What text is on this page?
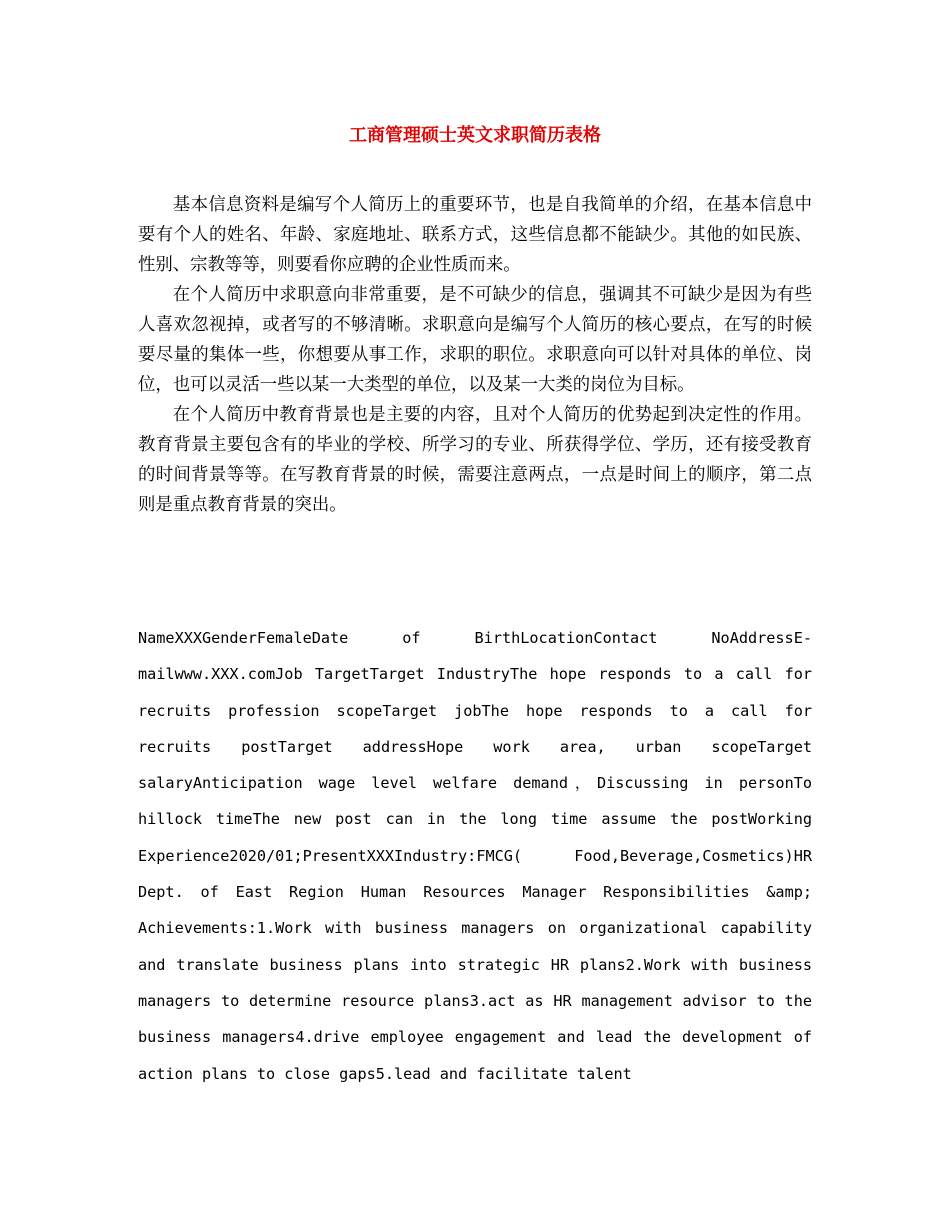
工商管理硕士英文求职简历表格

基本信息资料是编写个人简历上的重要环节，也是自我简单的介绍，在基本信息中要有个人的姓名、年龄、家庭地址、联系方式，这些信息都不能缺少。其他的如民族、性别、宗教等等，则要看你应聘的企业性质而来。

在个人简历中求职意向非常重要，是不可缺少的信息，强调其不可缺少是因为有些人喜欢忽视掉，或者写的不够清晰。求职意向是编写个人简历的核心要点，在写的时候要尽量的集体一些，你想要从事工作，求职的职位。求职意向可以针对具体的单位、岗位，也可以灵活一些以某一大类型的单位，以及某一大类的岗位为目标。

在个人简历中教育背景也是主要的内容，且对个人简历的优势起到决定性的作用。教育背景主要包含有的毕业的学校、所学习的专业、所获得学位、学历，还有接受教育的时间背景等等。在写教育背景的时候，需要注意两点，一点是时间上的顺序，第二点则是重点教育背景的突出。

NameXXXGenderFemaleDate of BirthLocationContact NoAddressE-mailwww.XXX.comJob TargetTarget IndustryThe hope responds to a call for recruits profession scopeTarget jobThe hope responds to a call for recruits postTarget addressHope work area, urban scopeTarget salaryAnticipation wage level welfare demand，Discussing in personTo hillock timeThe new post can in the long time assume the postWorking Experience2020/01;PresentXXXIndustry:FMCG( Food,Beverage,Cosmetics)HR Dept. of East Region Human Resources Manager Responsibilities &amp; Achievements:1.Work with business managers on organizational capability and translate business plans into strategic HR plans2.Work with business managers to determine resource plans3.act as HR management advisor to the business managers4.drive employee engagement and lead the development of action plans to close gaps5.lead and facilitate talent
